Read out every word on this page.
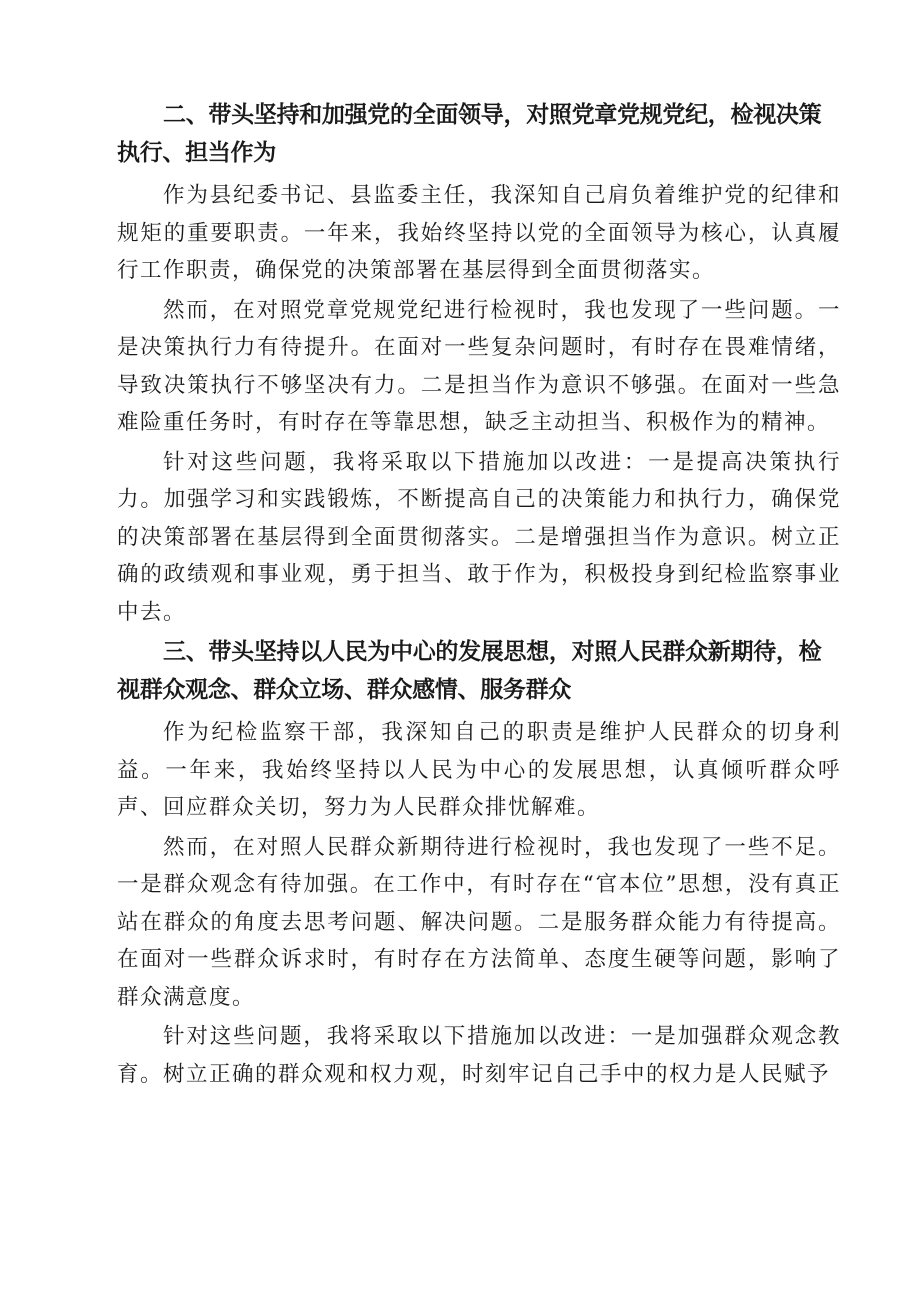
二、带头坚持和加强党的全面领导，对照党章党规党纪，检视决策执行、担当作为

作为县纪委书记、县监委主任，我深知自己肩负着维护党的纪律和规矩的重要职责。一年来，我始终坚持以党的全面领导为核心，认真履行工作职责，确保党的决策部署在基层得到全面贯彻落实。

然而，在对照党章党规党纪进行检视时，我也发现了一些问题。一是决策执行力有待提升。在面对一些复杂问题时，有时存在畏难情绪，导致决策执行不够坚决有力。二是担当作为意识不够强。在面对一些急难险重任务时，有时存在等靠思想，缺乏主动担当、积极作为的精神。

针对这些问题，我将采取以下措施加以改进：一是提高决策执行力。加强学习和实践锻炼，不断提高自己的决策能力和执行力，确保党的决策部署在基层得到全面贯彻落实。二是增强担当作为意识。树立正确的政绩观和事业观，勇于担当、敢于作为，积极投身到纪检监察事业中去。

三、带头坚持以人民为中心的发展思想，对照人民群众新期待，检视群众观念、群众立场、群众感情、服务群众

作为纪检监察干部，我深知自己的职责是维护人民群众的切身利益。一年来，我始终坚持以人民为中心的发展思想，认真倾听群众呼声、回应群众关切，努力为人民群众排忧解难。

然而，在对照人民群众新期待进行检视时，我也发现了一些不足。一是群众观念有待加强。在工作中，有时存在“官本位”思想，没有真正站在群众的角度去思考问题、解决问题。二是服务群众能力有待提高。在面对一些群众诉求时，有时存在方法简单、态度生硬等问题，影响了群众满意度。

针对这些问题，我将采取以下措施加以改进：一是加强群众观念教育。树立正确的群众观和权力观，时刻牢记自己手中的权力是人民赋予
